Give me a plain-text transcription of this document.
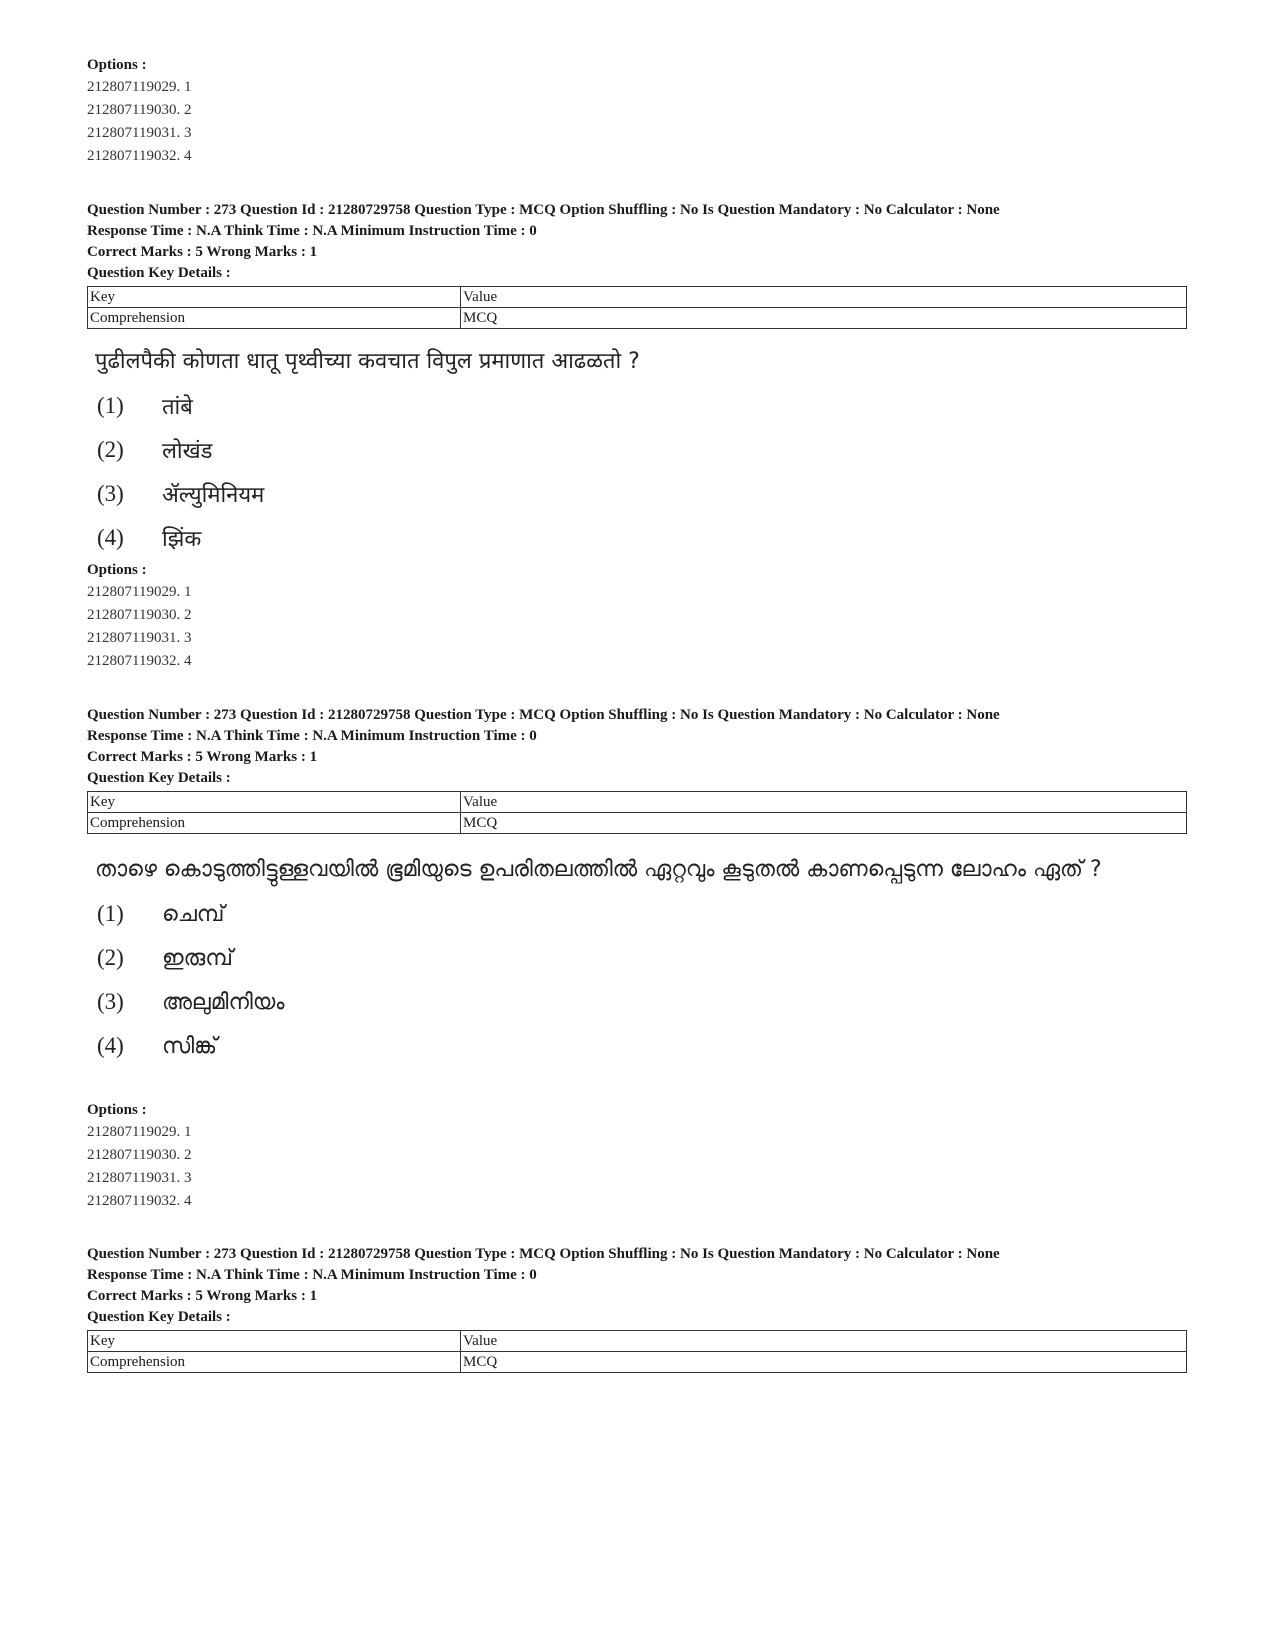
Options :
212807119029. 1
212807119030. 2
212807119031. 3
212807119032. 4
Question Number : 273 Question Id : 21280729758 Question Type : MCQ Option Shuffling : No Is Question Mandatory : No Calculator : None
Response Time : N.A Think Time : N.A Minimum Instruction Time : 0
Correct Marks : 5 Wrong Marks : 1
Question Key Details :
Key	Value
Comprehension	MCQ
पुढीलपैकी कोणता धातू पृथ्वीच्या कवचात विपुल प्रमाणात आढळतो ?
(1)	तांबे
(2)	लोखंड
(3)	ॲल्युमिनियम
(4)	झिंक
Options :
212807119029. 1
212807119030. 2
212807119031. 3
212807119032. 4
Question Number : 273 Question Id : 21280729758 Question Type : MCQ Option Shuffling : No Is Question Mandatory : No Calculator : None
Response Time : N.A Think Time : N.A Minimum Instruction Time : 0
Correct Marks : 5 Wrong Marks : 1
Question Key Details :
Key	Value
Comprehension	MCQ
താഴെ കൊടുത്തിട്ടുള്ളവയിൽ ഭൂമിയുടെ ഉപരിതലത്തിൽ ഏറ്റവും കൂടുതൽ കാണപ്പെടുന്ന ലോഹം ഏത് ?
(1)	ചെമ്പ്
(2)	ഇരുമ്പ്
(3)	അലുമിനിയം
(4)	സിങ്ക്
Options :
212807119029. 1
212807119030. 2
212807119031. 3
212807119032. 4
Question Number : 273 Question Id : 21280729758 Question Type : MCQ Option Shuffling : No Is Question Mandatory : No Calculator : None
Response Time : N.A Think Time : N.A Minimum Instruction Time : 0
Correct Marks : 5 Wrong Marks : 1
Question Key Details :
Key	Value
Comprehension	MCQ
